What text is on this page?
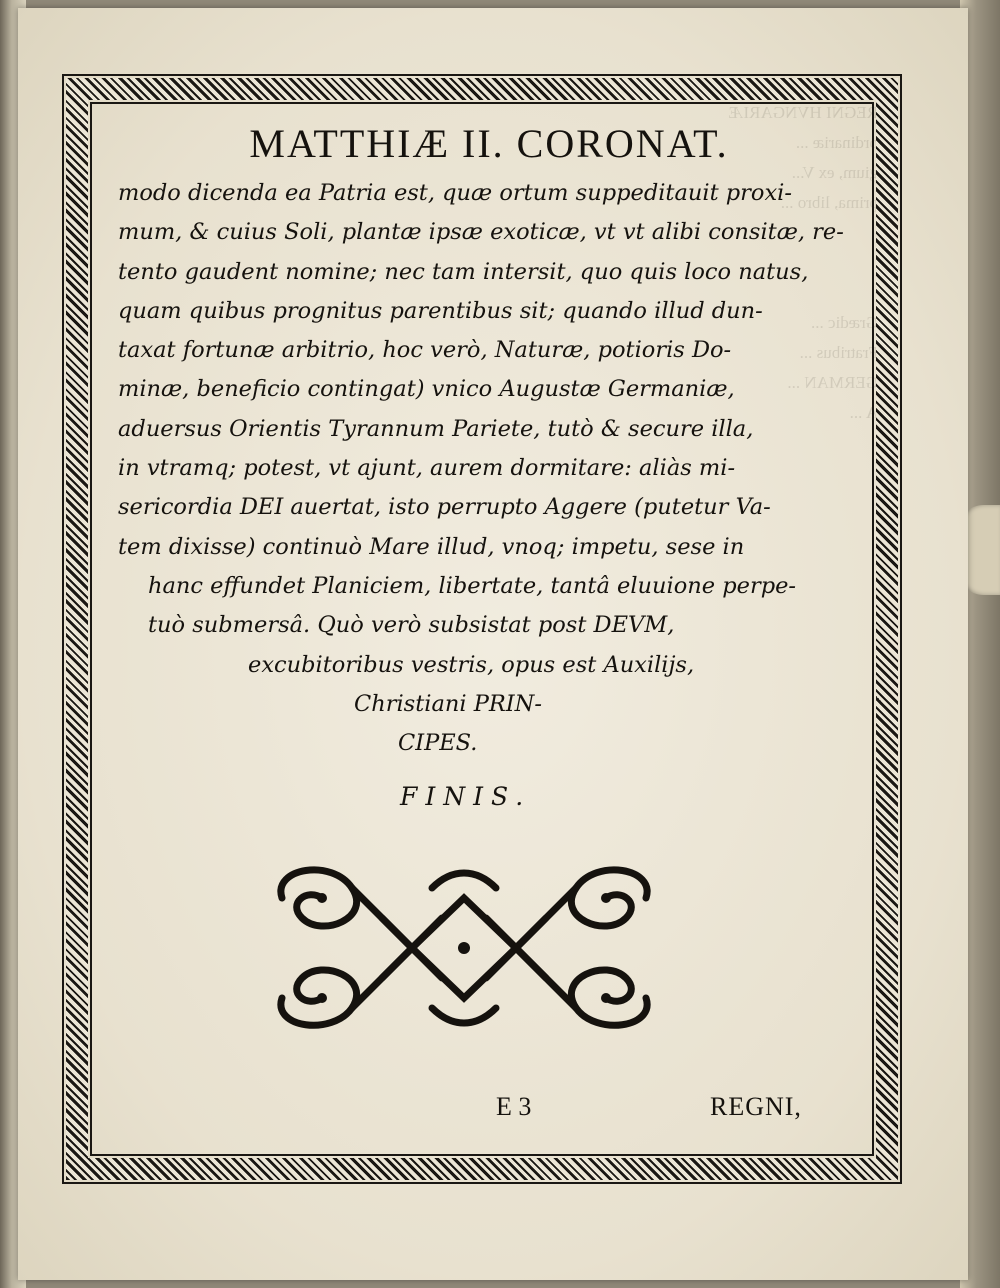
REGNI HVNGARIÆ
ordinariæ ...
gium, ex V...
prima, libro ...

Grædic ...
Fratribus ...
GERMAN ...
A ...

MATTHIÆ II. CORONAT.
modo dicenda ea Patria est, quæ ortum suppeditauit proxi-
mum, & cuius Soli, plantæ ipsæ exoticæ, vt vt alibi consitæ, re-
tento gaudent nomine; nec tam intersit, quo quis loco natus,
quam quibus prognitus parentibus sit; quando illud dun-
taxat fortunæ arbitrio, hoc verò, Naturæ, potioris Do-
minæ, beneficio contingat) vnico Augustæ Germaniæ,
aduersus Orientis Tyrannum Pariete, tutò & secure illa,
in vtramq; potest, vt ajunt, aurem dormitare: aliàs mi-
sericordia DEI auertat, isto perrupto Aggere (putetur Va-
tem dixisse) continuò Mare illud, vnoq; impetu, sese in
hanc effundet Planiciem, libertate, tantâ eluuione perpe-
tuò submersâ. Quò verò subsistat post DEVM,
excubitoribus vestris, opus est Auxilijs,
Christiani PRIN-
CIPES.
FINIS.
E 3	REGNI,
